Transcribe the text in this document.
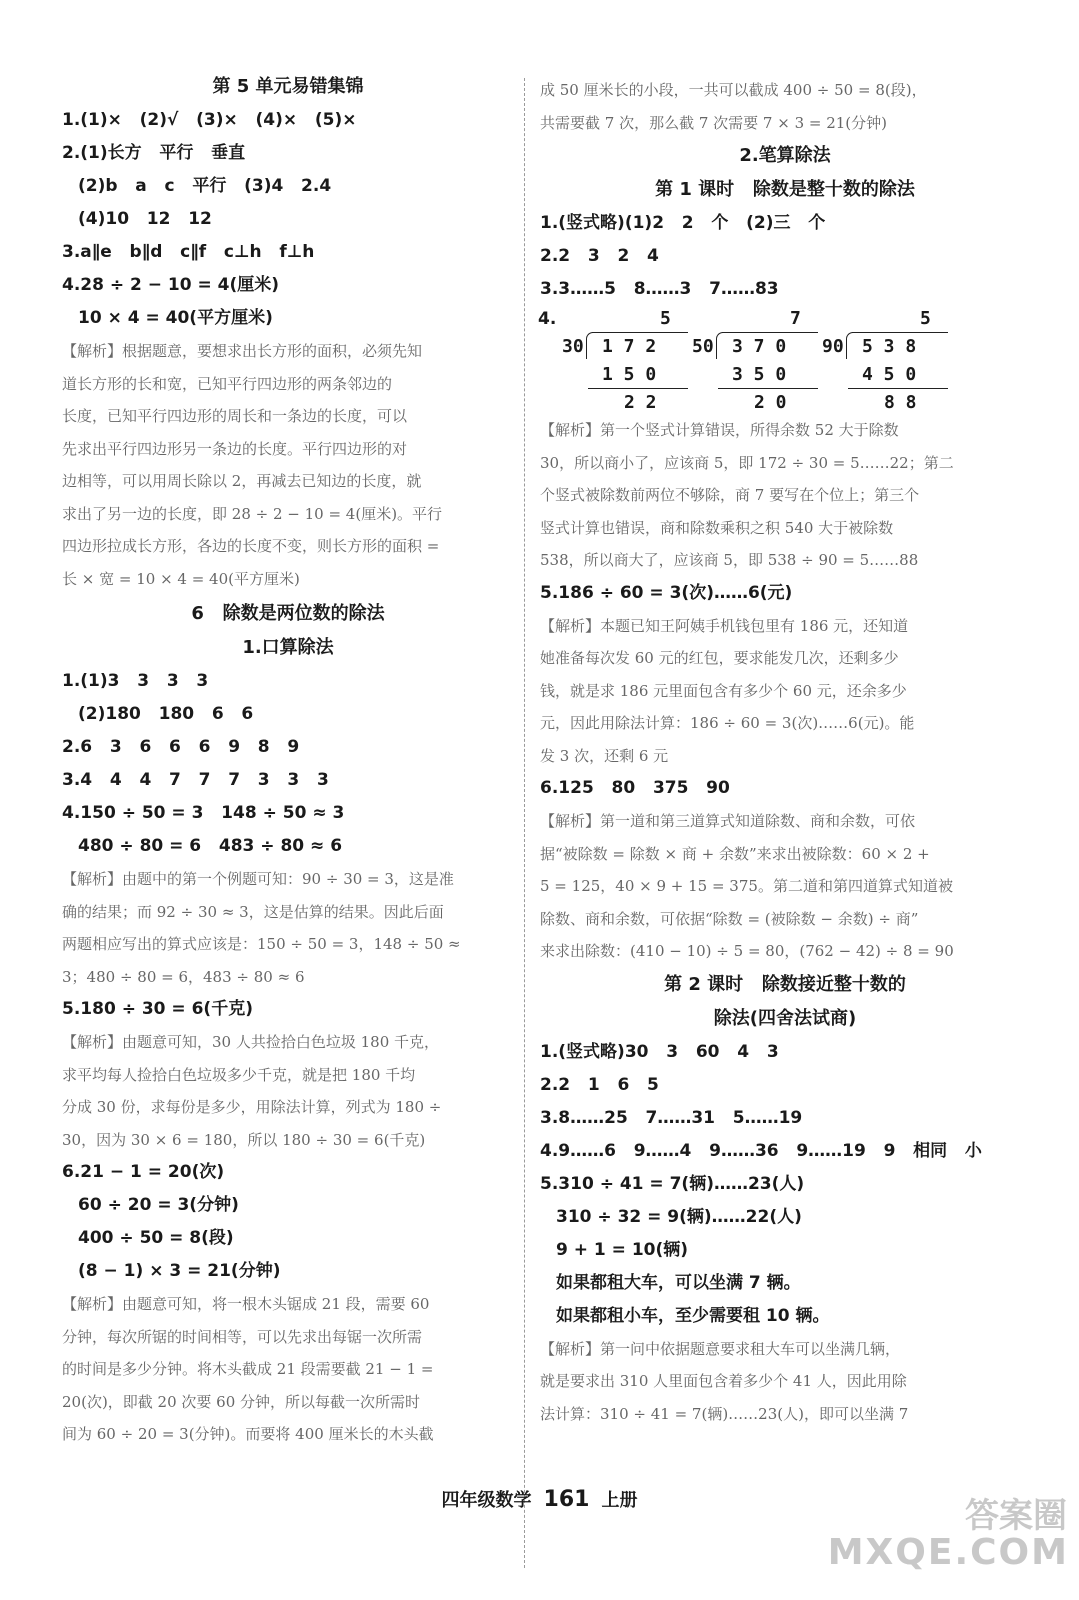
第 5 单元易错集锦
1.(1)×   (2)√   (3)×   (4)×   (5)×
2.(1)长方   平行   垂直
(2)b   a   c   平行   (3)4   2.4
(4)10   12   12
3.a∥e   b∥d   c∥f   c⊥h   f⊥h
4.28 ÷ 2 − 10 = 4(厘米)
10 × 4 = 40(平方厘米)
【解析】根据题意，要想求出长方形的面积，必须先知
道长方形的长和宽，已知平行四边形的两条邻边的
长度，已知平行四边形的周长和一条边的长度，可以
先求出平行四边形另一条边的长度。平行四边形的对
边相等，可以用周长除以 2，再减去已知边的长度，就
求出了另一边的长度，即 28 ÷ 2 − 10 = 4(厘米)。平行
四边形拉成长方形，各边的长度不变，则长方形的面积 =
长 × 宽 = 10 × 4 = 40(平方厘米)
6   除数是两位数的除法
1.口算除法
1.(1)3   3   3   3
(2)180   180   6   6
2.6   3   6   6   6   9   8   9
3.4   4   4   7   7   7   3   3   3
4.150 ÷ 50 = 3   148 ÷ 50 ≈ 3
480 ÷ 80 = 6   483 ÷ 80 ≈ 6
【解析】由题中的第一个例题可知：90 ÷ 30 = 3，这是准
确的结果；而 92 ÷ 30 ≈ 3，这是估算的结果。因此后面
两题相应写出的算式应该是：150 ÷ 50 = 3，148 ÷ 50 ≈
3；480 ÷ 80 = 6，483 ÷ 80 ≈ 6
5.180 ÷ 30 = 6(千克)
【解析】由题意可知，30 人共捡拾白色垃圾 180 千克，
求平均每人捡拾白色垃圾多少千克，就是把 180 千均
分成 30 份，求每份是多少，用除法计算，列式为 180 ÷
30，因为 30 × 6 = 180，所以 180 ÷ 30 = 6(千克)
6.21 − 1 = 20(次)
60 ÷ 20 = 3(分钟)
400 ÷ 50 = 8(段)
(8 − 1) × 3 = 21(分钟)
【解析】由题意可知，将一根木头锯成 21 段，需要 60
分钟，每次所锯的时间相等，可以先求出每锯一次所需
的时间是多少分钟。将木头截成 21 段需要截 21 − 1 =
20(次)，即截 20 次要 60 分钟，所以每截一次所需时
间为 60 ÷ 20 = 3(分钟)。而要将 400 厘米长的木头截
成 50 厘米长的小段，一共可以截成 400 ÷ 50 = 8(段)，
共需要截 7 次，那么截 7 次需要 7 × 3 = 21(分钟)
2.笔算除法
第 1 课时   除数是整十数的除法
1.(竖式略)(1)2   2   个   (2)三   个
2.2   3   2   4
3.3……5   8……3   7……83
4.	5
30 1 7 2
1 5 0
2 2
7
50 3 7 0
3 5 0
2 0
5
90 5 3 8
4 5 0
8 8
【解析】第一个竖式计算错误，所得余数 52 大于除数
30，所以商小了，应该商 5，即 172 ÷ 30 = 5……22；第二
个竖式被除数前两位不够除，商 7 要写在个位上；第三个
竖式计算也错误，商和除数乘积之积 540 大于被除数
538，所以商大了，应该商 5，即 538 ÷ 90 = 5……88
5.186 ÷ 60 = 3(次)……6(元)
【解析】本题已知王阿姨手机钱包里有 186 元，还知道
她准备每次发 60 元的红包，要求能发几次，还剩多少
钱，就是求 186 元里面包含有多少个 60 元，还余多少
元，因此用除法计算：186 ÷ 60 = 3(次)……6(元)。能
发 3 次，还剩 6 元
6.125   80   375   90
【解析】第一道和第三道算式知道除数、商和余数，可依
据“被除数 = 除数 × 商 + 余数”来求出被除数：60 × 2 +
5 = 125，40 × 9 + 15 = 375。第二道和第四道算式知道被
除数、商和余数，可依据“除数 = (被除数 − 余数) ÷ 商”
来求出除数：(410 − 10) ÷ 5 = 80，(762 − 42) ÷ 8 = 90
第 2 课时   除数接近整十数的
除法(四舍法试商)
1.(竖式略)30   3   60   4   3
2.2   1   6   5
3.8……25   7……31   5……19
4.9……6   9……4   9……36   9……19   9   相同   小
5.310 ÷ 41 = 7(辆)……23(人)
310 ÷ 32 = 9(辆)……22(人)
9 + 1 = 10(辆)
如果都租大车，可以坐满 7 辆。
如果都租小车，至少需要租 10 辆。
【解析】第一问中依据题意要求租大车可以坐满几辆，
就是要求出 310 人里面包含着多少个 41 人，因此用除
法计算：310 ÷ 41 = 7(辆)……23(人)，即可以坐满 7
四年级数学 161 上册	答案圈
MXQE.COM
